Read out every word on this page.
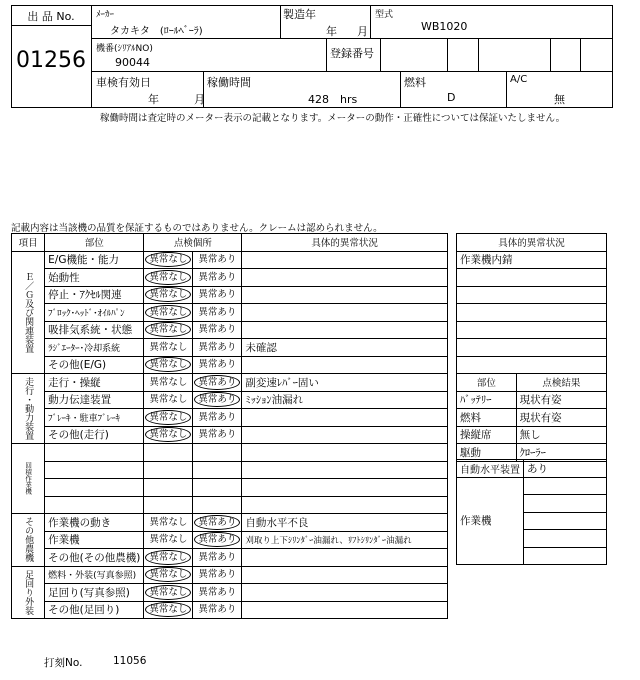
出 品 No.
01256
ﾒｰｶｰ
タカキタ　(ﾛｰﾙﾍﾞｰﾗ)
製造年
年 月
型式
WB1020
機番(ｼﾘｱﾙNO)
90044
登録番号
車検有効日
年	月
稼働時間
428　hrs
燃料
D
A/C
無
稼働時間は査定時のメーター表示の記載となります。メーターの動作・正確性については保証いたしません。
記載内容は当該機の品質を保証するものではありません。クレームは認められません。
項目	部位	点検個所		具体的異常状況

Ｅ／Ｇ及び関連装置	E/G機能・能力	異常なし	異常あり	
	始動性	異常なし	異常あり	
	停止・ｱｸｾﾙ関連	異常なし	異常あり	
	ﾌﾞﾛｯｸ･ﾍｯﾄﾞ･ｵｲﾙﾊﾟﾝ	異常なし	異常あり	
	吸排気系統・状態	異常なし	異常あり	
	ﾗｼﾞｴｰﾀｰ･冷却系統	異常なし	異常あり	未確認
	その他(E/G)	異常なし	異常あり	

走行・動力装置	走行・操縦	異常なし	異常あり	副変速ﾚﾊﾞｰ固い
	動力伝達装置	異常なし	異常あり	ﾐｯｼｮﾝ油漏れ
	ﾌﾞﾚｰｷ・駐車ﾌﾞﾚｰｷ	異常なし	異常あり	
	その他(走行)	異常なし	異常あり	

回積作業機				

その他農機	作業機の動き	異常なし	異常あり	自動水平不良
	作業機	異常なし	異常あり	刈取り上下ｼﾘﾝﾀﾞｰ油漏れ、ﾘﾌﾄｼﾘﾝﾀﾞｰ油漏れ
	その他(その他農機)	異常なし	異常あり	

足回り外装	燃料・外装(写真参照)	異常なし	異常あり	
	足回り(写真参照)	異常なし	異常あり	
	その他(足回り)	異常なし	異常あり	
具体的異常状況
作業機内錆

部位	点検結果
ﾊﾞｯﾃﾘｰ	現状有姿
燃料	現状有姿
操縦席	無し
駆動	ｸﾛｰﾗｰ
自動水平装置	あり
作業機	

打刻No.	11056
